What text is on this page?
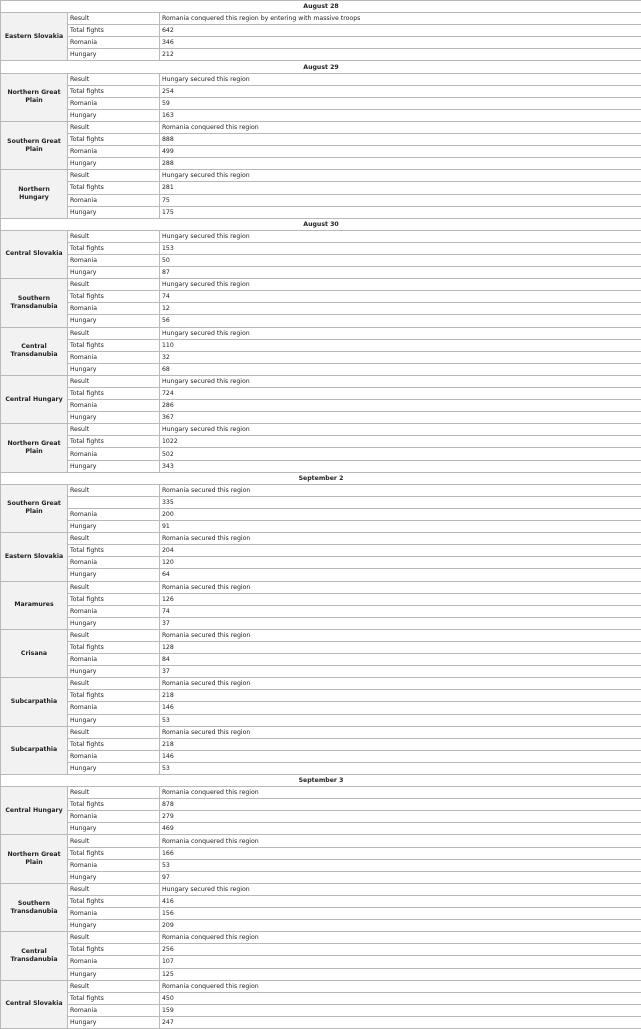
August 28		
Eastern Slovakia	Result	Romania conquered this region by entering with massive troops
	Total fights	642
	Romania	346
	Hungary	212
August 29		
Northern Great Plain	Result	Hungary secured this region
	Total fights	254
	Romania	59
	Hungary	163
Southern Great Plain	Result	Romania conquered this region
	Total fights	888
	Romania	499
	Hungary	288
Northern Hungary	Result	Hungary secured this region
	Total fights	281
	Romania	75
	Hungary	175
August 30		
Central Slovakia	Result	Hungary secured this region
	Total fights	153
	Romania	50
	Hungary	87
Southern Transdanubia	Result	Hungary secured this region
	Total fights	74
	Romania	12
	Hungary	56
Central Transdanubia	Result	Hungary secured this region
	Total fights	110
	Romania	32
	Hungary	68
Central Hungary	Result	Hungary secured this region
	Total fights	724
	Romania	286
	Hungary	367
Northern Great Plain	Result	Hungary secured this region
	Total fights	1022
	Romania	502
	Hungary	343
September 2		
Southern Great Plain	Result	Romania secured this region
		335
	Romania	200
	Hungary	91
Eastern Slovakia	Result	Romania secured this region
	Total fights	204
	Romania	120
	Hungary	64
Maramures	Result	Romania secured this region
	Total fights	126
	Romania	74
	Hungary	37
Crisana	Result	Romania secured this region
	Total fights	128
	Romania	84
	Hungary	37
Subcarpathia	Result	Romania secured this region
	Total fights	218
	Romania	146
	Hungary	53
Subcarpathia	Result	Romania secured this region
	Total fights	218
	Romania	146
	Hungary	53
September 3		
Central Hungary	Result	Romania conquered this region
	Total fights	878
	Romania	279
	Hungary	469
Northern Great Plain	Result	Romania conquered this region
	Total fights	166
	Romania	53
	Hungary	97
Southern Transdanubia	Result	Hungary secured this region
	Total fights	416
	Romania	156
	Hungary	209
Central Transdanubia	Result	Romania conquered this region
	Total fights	256
	Romania	107
	Hungary	125
Central Slovakia	Result	Romania conquered this region
	Total fights	450
	Romania	159
	Hungary	247
